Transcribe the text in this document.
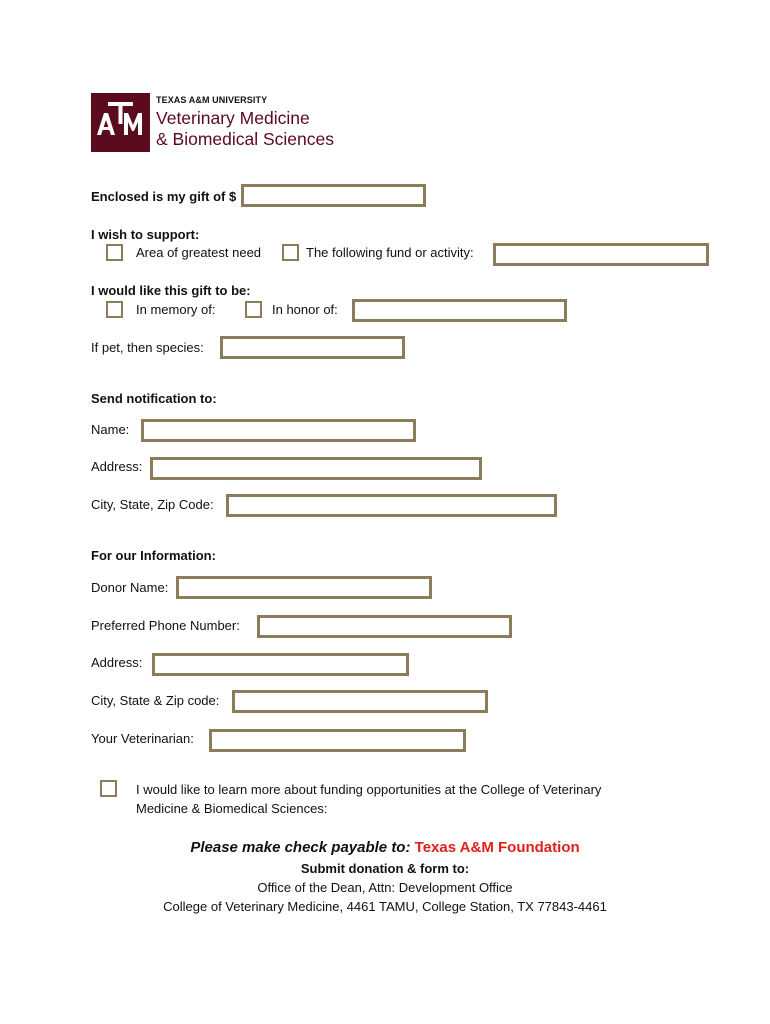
TEXAS A&M UNIVERSITY
Veterinary Medicine
& Biomedical Sciences
Enclosed is my gift of $
I wish to support:
Area of greatest need	The following fund or activity:
I would like this gift to be:
In memory of:	In honor of:
If pet, then species:
Send notification to:
Name:
Address:
City, State, Zip Code:
For our Information:
Donor Name:
Preferred Phone Number:
Address:
City, State & Zip code:
Your Veterinarian:
I would like to learn more about funding opportunities at the College of Veterinary
Medicine & Biomedical Sciences:
Please make check payable to: Texas A&M Foundation
Submit donation & form to:
Office of the Dean, Attn: Development Office
College of Veterinary Medicine, 4461 TAMU, College Station, TX 77843-4461
